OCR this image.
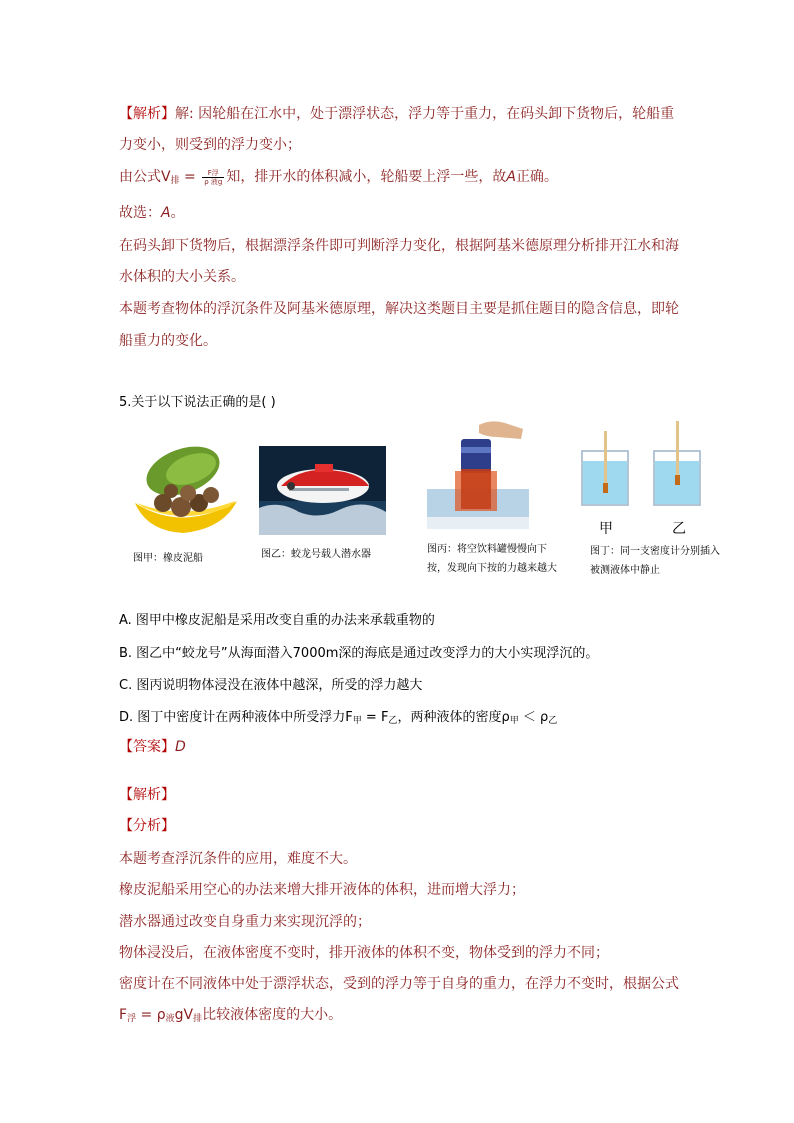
【解析】解: 因轮船在江水中，处于漂浮状态，浮力等于重力，在码头卸下货物后，轮船重
力变小，则受到的浮力变小；
由公式$V_排 = \frac{\text{F浮}}{\text{ρ 液g}}$ 知，排开水的体积减小，轮船要上浮一些，故A正确。
故选：A。
在码头卸下货物后，根据漂浮条件即可判断浮力变化，根据阿基米德原理分析排开江水和海
水体积的大小关系。
本题考查物体的浮沉条件及阿基米德原理，解决这类题目主要是抓住题目的隐含信息，即轮
船重力的变化。
5.关于以下说法正确的是( )
图甲：橡皮泥船	图乙：蛟龙号载人潜水器	图丙：将空饮料罐慢慢向下按，发现向下按的力越来越大
甲	乙
图丁：同一支密度计分别插入被测液体中静止
A. 图甲中橡皮泥船是采用改变自重的办法来承载重物的
B. 图乙中“蛟龙号”从海面潜入7000m深的海底是通过改变浮力的大小实现浮沉的。
C. 图丙说明物体浸没在液体中越深，所受的浮力越大
D. 图丁中密度计在两种液体中所受浮力$F_甲 = F_乙$，两种液体的密度$\rho_甲 < \rho_乙$
【答案】D
【解析】
【分析】
本题考查浮沉条件的应用，难度不大。
橡皮泥船采用空心的办法来增大排开液体的体积，进而增大浮力；
潜水器通过改变自身重力来实现沉浮的；
物体浸没后，在液体密度不变时，排开液体的体积不变，物体受到的浮力不同；
密度计在不同液体中处于漂浮状态，受到的浮力等于自身的重力，在浮力不变时，根据公式
$F_浮 = \rho_液gV_排$比较液体密度的大小。
